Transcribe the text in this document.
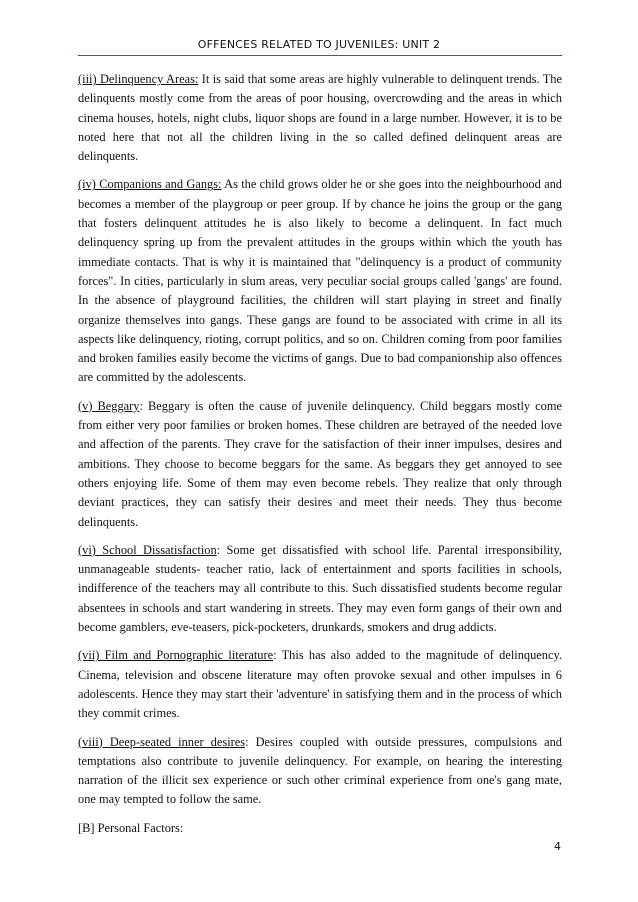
OFFENCES RELATED TO JUVENILES: UNIT 2

(iii) Delinquency Areas: It is said that some areas are highly vulnerable to delinquent trends. The delinquents mostly come from the areas of poor housing, overcrowding and the areas in which cinema houses, hotels, night clubs, liquor shops are found in a large number. However, it is to be noted here that not all the children living in the so called defined delinquent areas are delinquents.

(iv) Companions and Gangs: As the child grows older he or she goes into the neighbourhood and becomes a member of the playgroup or peer group. If by chance he joins the group or the gang that fosters delinquent attitudes he is also likely to become a delinquent. In fact much delinquency spring up from the prevalent attitudes in the groups within which the youth has immediate contacts. That is why it is maintained that "delinquency is a product of community forces". In cities, particularly in slum areas, very peculiar social groups called 'gangs' are found. In the absence of playground facilities, the children will start playing in street and finally organize themselves into gangs. These gangs are found to be associated with crime in all its aspects like delinquency, rioting, corrupt politics, and so on. Children coming from poor families and broken families easily become the victims of gangs. Due to bad companionship also offences are committed by the adolescents.

(v) Beggary: Beggary is often the cause of juvenile delinquency. Child beggars mostly come from either very poor families or broken homes. These children are betrayed of the needed love and affection of the parents. They crave for the satisfaction of their inner impulses, desires and ambitions. They choose to become beggars for the same. As beggars they get annoyed to see others enjoying life. Some of them may even become rebels. They realize that only through deviant practices, they can satisfy their desires and meet their needs. They thus become delinquents.

(vi) School Dissatisfaction: Some get dissatisfied with school life. Parental irresponsibility, unmanageable students- teacher ratio, lack of entertainment and sports facilities in schools, indifference of the teachers may all contribute to this. Such dissatisfied students become regular absentees in schools and start wandering in streets. They may even form gangs of their own and become gamblers, eve-teasers, pick-pocketers, drunkards, smokers and drug addicts.

(vii) Film and Pornographic literature: This has also added to the magnitude of delinquency. Cinema, television and obscene literature may often provoke sexual and other impulses in 6 adolescents. Hence they may start their 'adventure' in satisfying them and in the process of which they commit crimes.

(viii) Deep-seated inner desires: Desires coupled with outside pressures, compulsions and temptations also contribute to juvenile delinquency. For example, on hearing the interesting narration of the illicit sex experience or such other criminal experience from one's gang mate, one may tempted to follow the same.

[B] Personal Factors:

4
